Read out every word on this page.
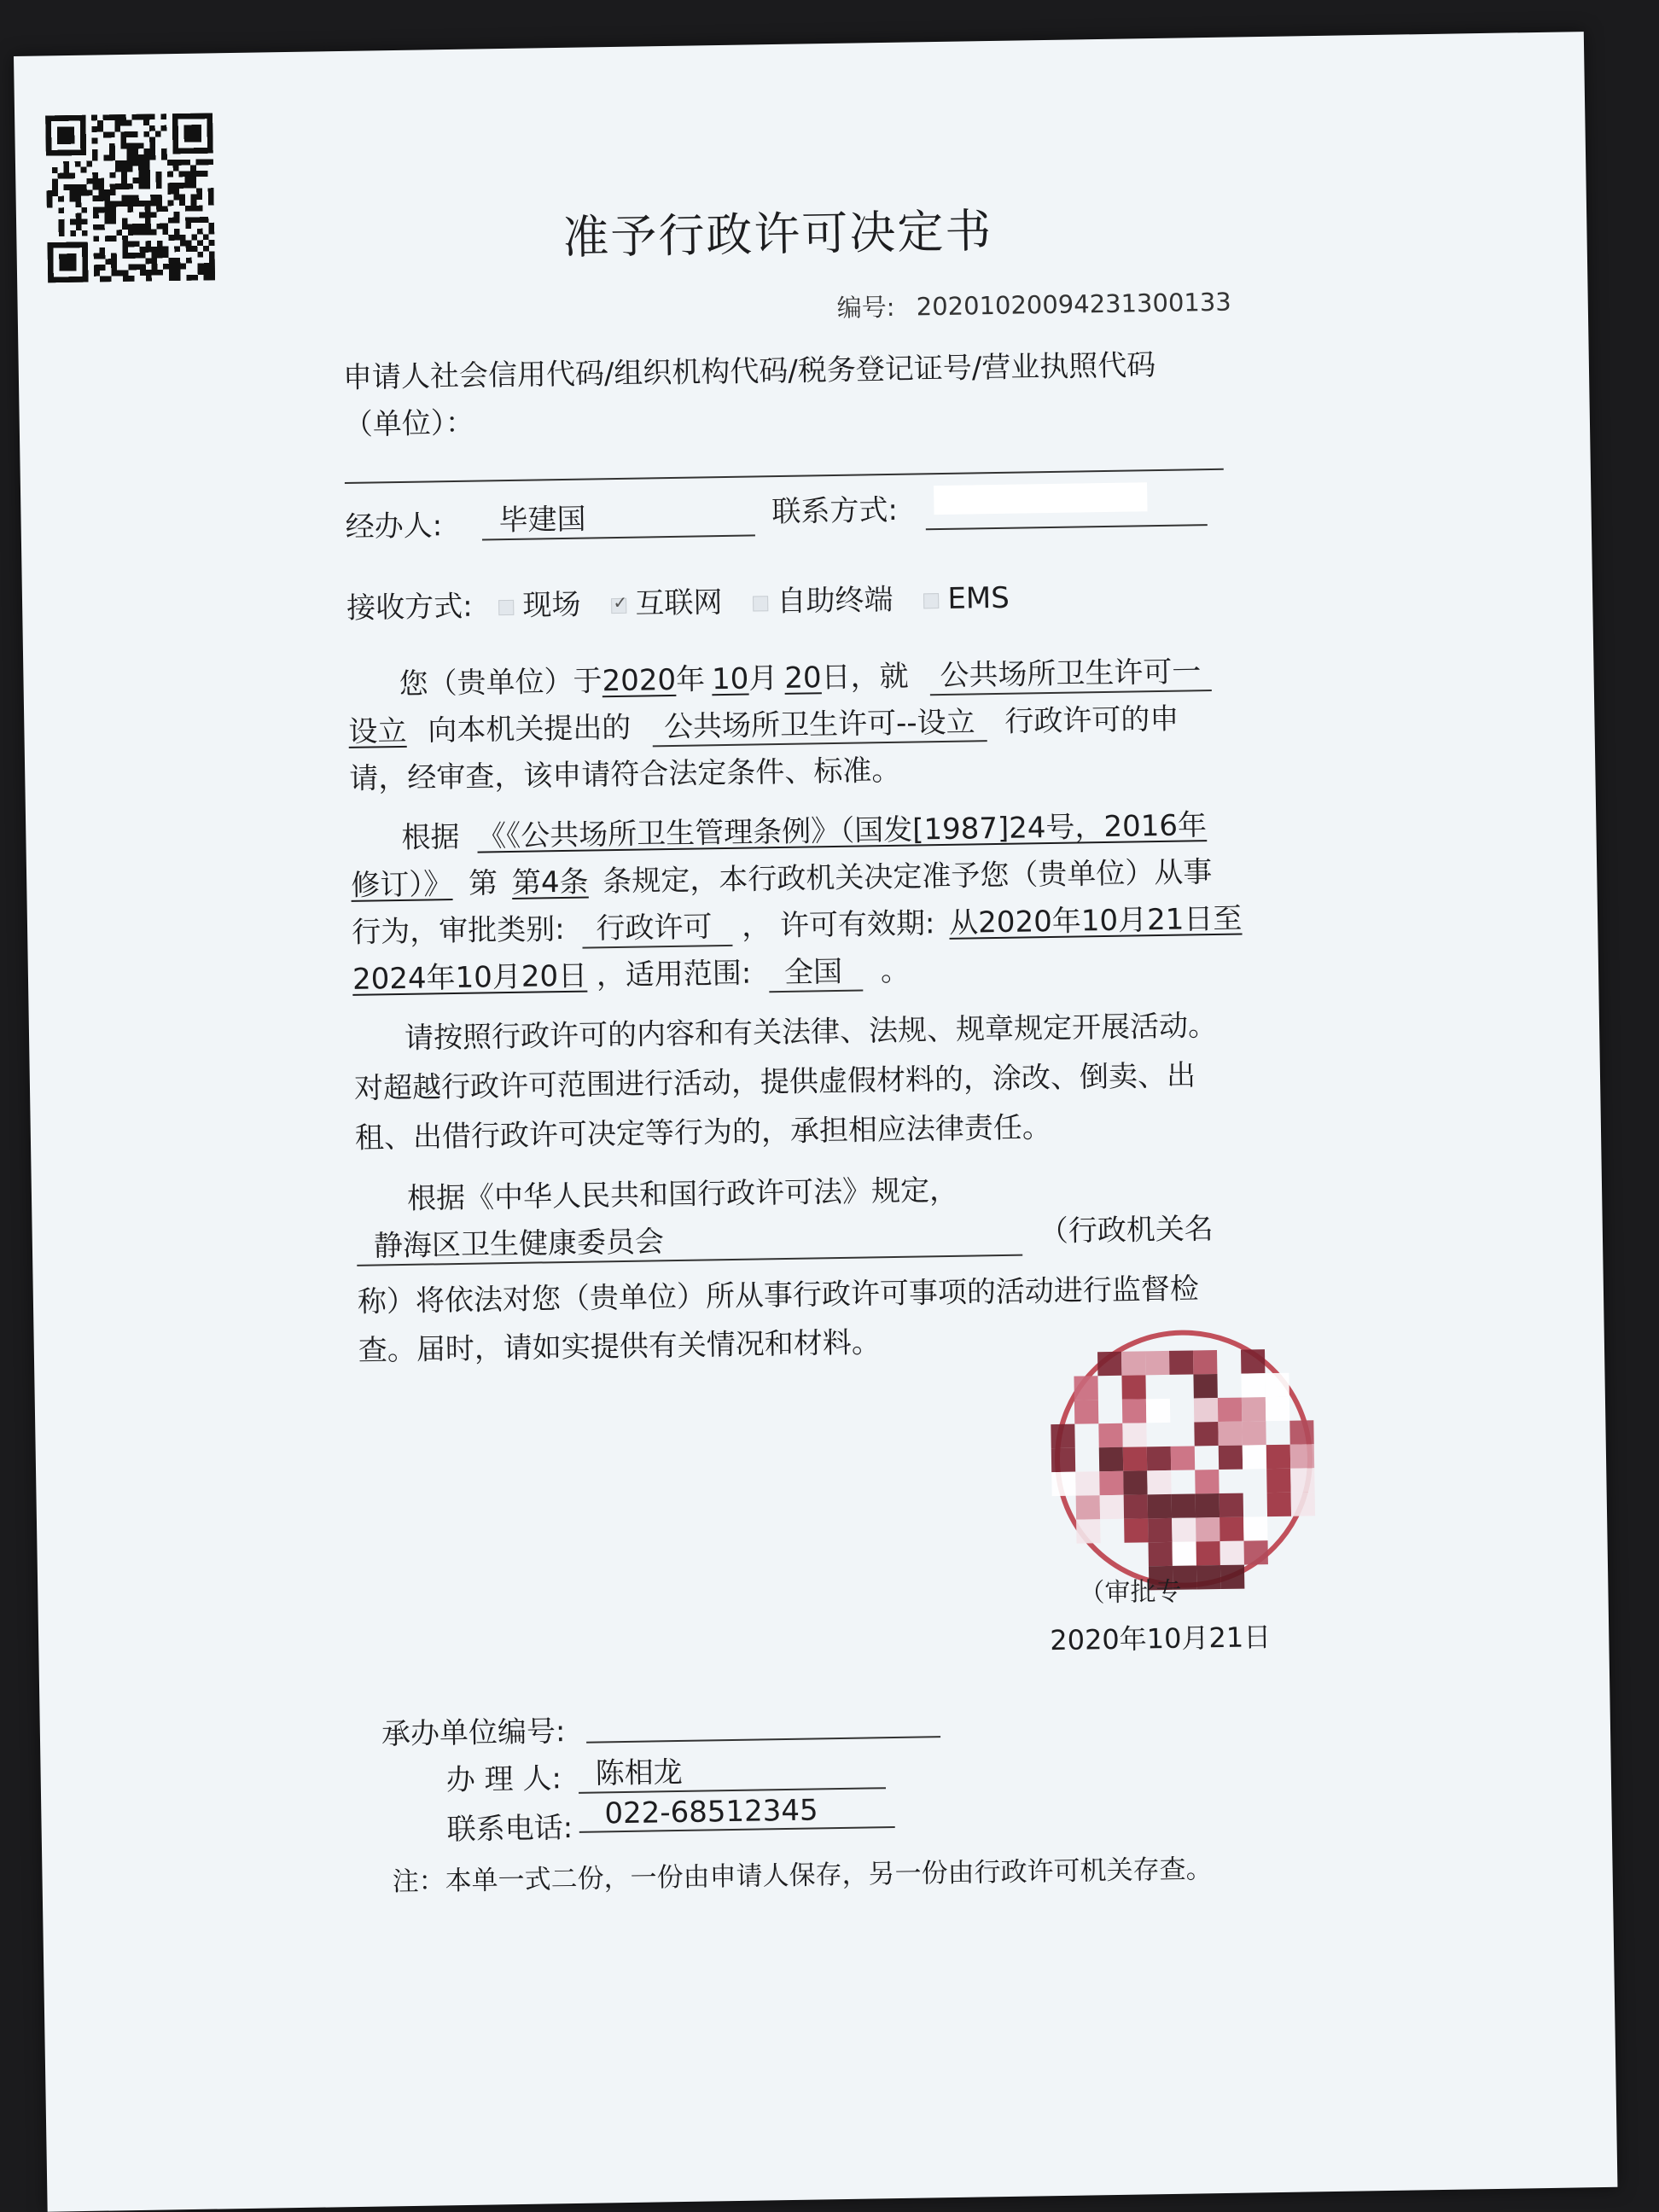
准予行政许可决定书
编号: 20201020094231300133
申请人社会信用代码/组织机构代码/税务登记证号/营业执照代码
（单位）：
经办人:	毕建国	联系方式:
接收方式: 现场✓ 互联网 自助终端 EMS
您（贵单位）于2020年 10月 20日，就 公共场所卫生许可一
设立 向本机关提出的 公共场所卫生许可--设立 行政许可的申
请，经审查，该申请符合法定条件、标准。
根据 《《公共场所卫生管理条例》（国发[1987]24号，2016年
修订）》 第 第4条 条规定，本行政机关决定准予您（贵单位）从事
行为，审批类别: 行政许可 ， 许可有效期: 从2020年10月21日至
2024年10月20日 ，适用范围: 全国 。
请按照行政许可的内容和有关法律、法规、规章规定开展活动。
对超越行政许可范围进行活动，提供虚假材料的，涂改、倒卖、出
租、出借行政许可决定等行为的，承担相应法律责任。
根据《中华人民共和国行政许可法》规定，
静海区卫生健康委员会	（行政机关名
称）将依法对您（贵单位）所从事行政许可事项的活动进行监督检
查。届时，请如实提供有关情况和材料。
（审批专
2020年10月21日
承办单位编号:
办 理 人:	陈相龙
联系电话:	022-68512345
注：本单一式二份，一份由申请人保存，另一份由行政许可机关存查。
